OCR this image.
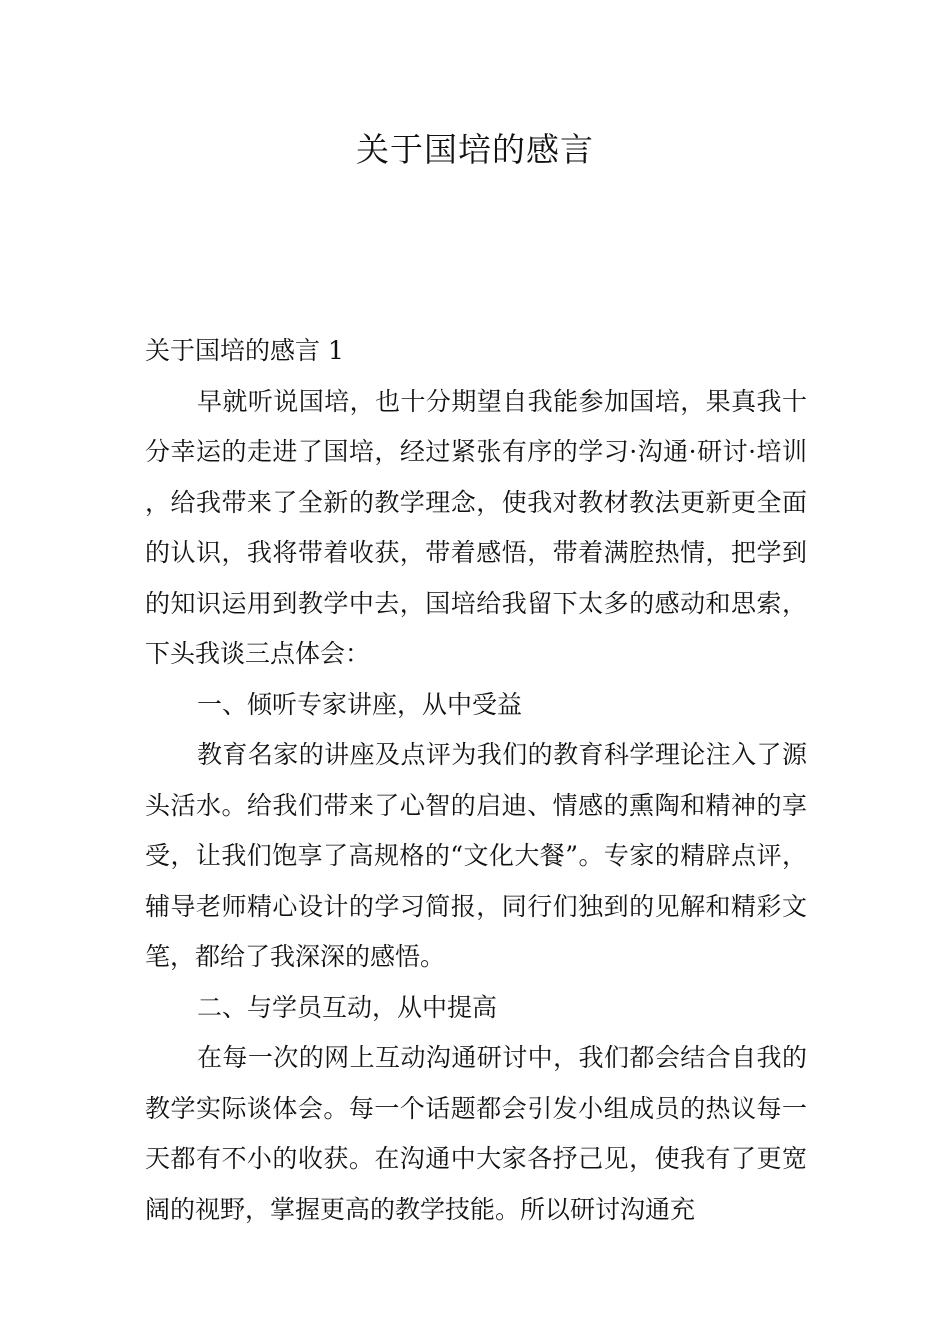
关于国培的感言

关于国培的感言 1

早就听说国培，也十分期望自我能参加国培，果真我十分幸运的走进了国培，经过紧张有序的学习·沟通·研讨·培训，给我带来了全新的教学理念，使我对教材教法更新更全面的认识，我将带着收获，带着感悟，带着满腔热情，把学到的知识运用到教学中去，国培给我留下太多的感动和思索，下头我谈三点体会：

一、倾听专家讲座，从中受益

教育名家的讲座及点评为我们的教育科学理论注入了源头活水。给我们带来了心智的启迪、情感的熏陶和精神的享受，让我们饱享了高规格的“文化大餐”。专家的精辟点评，辅导老师精心设计的学习简报，同行们独到的见解和精彩文笔，都给了我深深的感悟。

二、与学员互动，从中提高

在每一次的网上互动沟通研讨中，我们都会结合自我的教学实际谈体会。每一个话题都会引发小组成员的热议每一天都有不小的收获。在沟通中大家各抒己见，使我有了更宽阔的视野，掌握更高的教学技能。所以研讨沟通充
